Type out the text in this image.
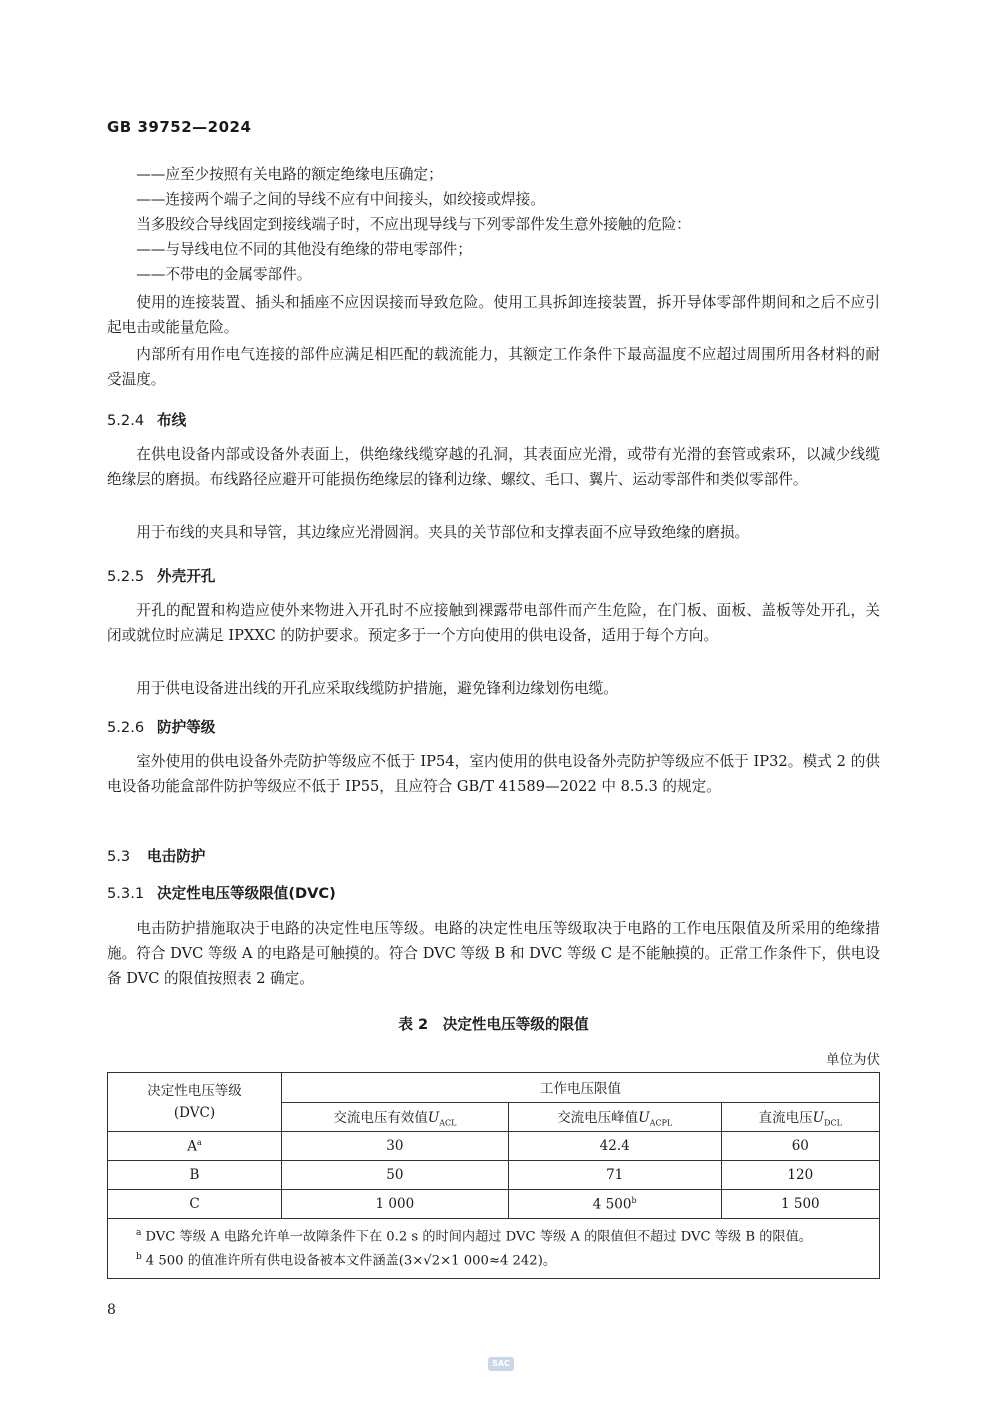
GB 39752—2024

——应至少按照有关电路的额定绝缘电压确定；

——连接两个端子之间的导线不应有中间接头，如绞接或焊接。

当多股绞合导线固定到接线端子时，不应出现导线与下列零部件发生意外接触的危险：

——与导线电位不同的其他没有绝缘的带电零部件；

——不带电的金属零部件。

使用的连接装置、插头和插座不应因误接而导致危险。使用工具拆卸连接装置，拆开导体零部件期间和之后不应引起电击或能量危险。

内部所有用作电气连接的部件应满足相匹配的载流能力，其额定工作条件下最高温度不应超过周围所用各材料的耐受温度。

5.2.4 布线

在供电设备内部或设备外表面上，供绝缘线缆穿越的孔洞，其表面应光滑，或带有光滑的套管或索环，以减少线缆绝缘层的磨损。布线路径应避开可能损伤绝缘层的锋利边缘、螺纹、毛口、翼片、运动零部件和类似零部件。

用于布线的夹具和导管，其边缘应光滑圆润。夹具的关节部位和支撑表面不应导致绝缘的磨损。

5.2.5 外壳开孔

开孔的配置和构造应使外来物进入开孔时不应接触到裸露带电部件而产生危险，在门板、面板、盖板等处开孔，关闭或就位时应满足 IPXXC 的防护要求。预定多于一个方向使用的供电设备，适用于每个方向。

用于供电设备进出线的开孔应采取线缆防护措施，避免锋利边缘划伤电缆。

5.2.6 防护等级

室外使用的供电设备外壳防护等级应不低于 IP54，室内使用的供电设备外壳防护等级应不低于 IP32。模式 2 的供电设备功能盒部件防护等级应不低于 IP55，且应符合 GB/T 41589—2022 中 8.5.3 的规定。

5.3 电击防护
5.3.1 决定性电压等级限值(DVC)

电击防护措施取决于电路的决定性电压等级。电路的决定性电压等级取决于电路的工作电压限值及所采用的绝缘措施。符合 DVC 等级 A 的电路是可触摸的。符合 DVC 等级 B 和 DVC 等级 C 是不能触摸的。正常工作条件下，供电设备 DVC 的限值按照表 2 确定。

表 2　决定性电压等级的限值
单位为伏
决定性电压等级
(DVC)	工作电压限值		
	交流电压有效值$U_{ACL}$	交流电压峰值$U_{ACPL}$	直流电压$U_{DCL}$
$A^a$	30	42.4	60
B	50	71	120
C	1 000	4 500$^b$	1 500

$^a$ DVC 等级 A 电路允许单一故障条件下在 0.2 s 的时间内超过 DVC 等级 A 的限值但不超过 DVC 等级 B 的限值。
$^b$ 4 500 的值准许所有供电设备被本文件涵盖(3×√2×1 000≈4 242)。			
8
SAC
